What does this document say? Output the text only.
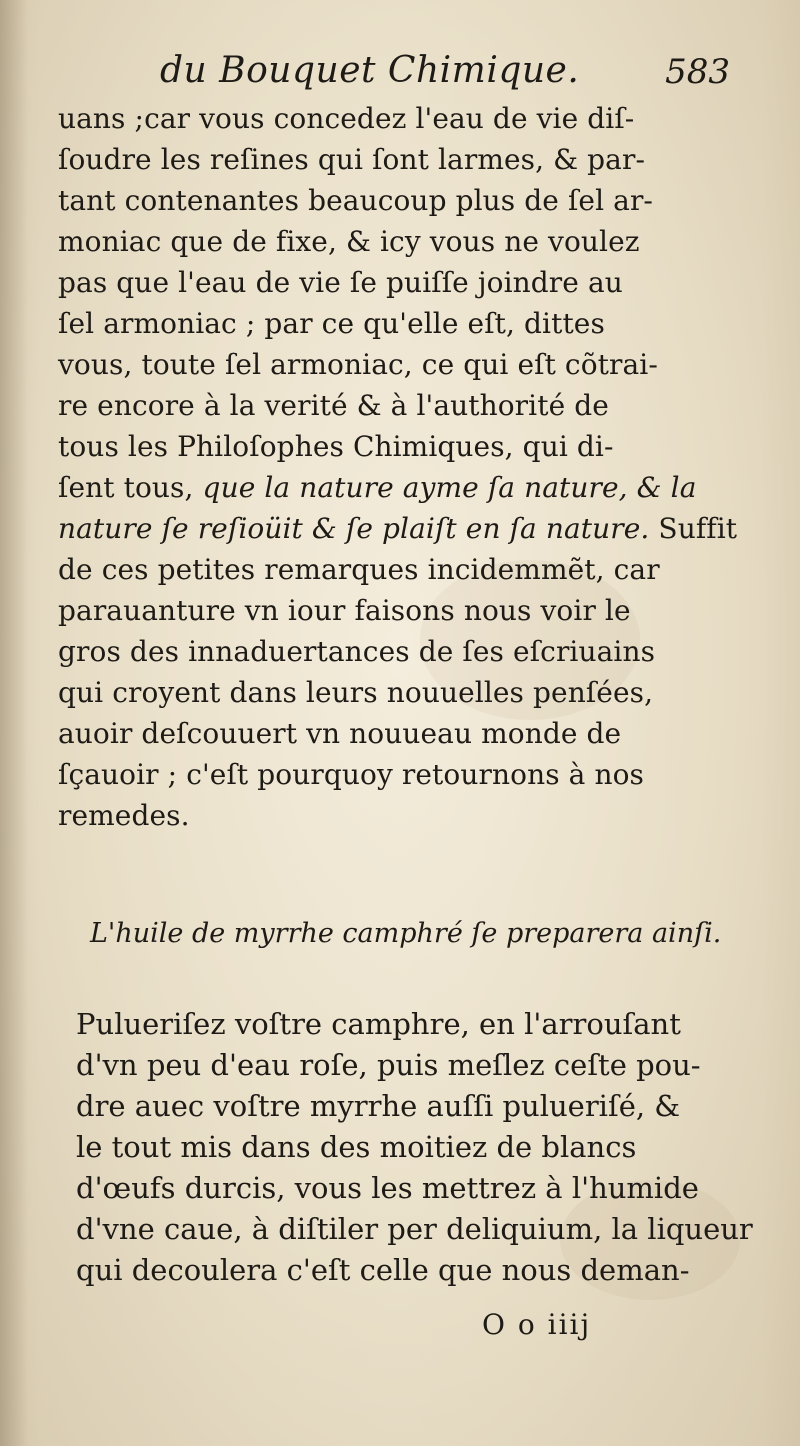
du Bouquet Chimique.	583
uans ;car vous concedez l'eau de vie diſ-
ſoudre les reſines qui ſont larmes, & par-
tant contenantes beaucoup plus de ſel ar-
moniac que de fixe, & icy vous ne voulez
pas que l'eau de vie ſe puiſſe joindre au
ſel armoniac ; par ce qu'elle eſt, dittes
vous, toute ſel armoniac, ce qui eſt cõtrai-
re encore à la verité & à l'authorité de
tous les Philoſophes Chimiques, qui di-
ſent tous, que la nature ayme ſa nature, & la
nature ſe reſioüit & ſe plaiſt en ſa nature. Suffit
de ces petites remarques incidemmẽt, car
parauanture vn iour faisons nous voir le
gros des innaduertances de ſes eſcriuains
qui croyent dans leurs nouuelles penſées,
auoir deſcouuert vn nouueau monde de
ſçauoir ; c'eſt pourquoy retournons à nos
remedes.
L'huile de myrrhe camphré ſe preparera ainſi.
Pulueriſez voſtre camphre, en l'arrouſant
d'vn peu d'eau roſe, puis meſlez ceſte pou-
dre auec voſtre myrrhe auſſi pulueriſé, &
le tout mis dans des moitiez de blancs
d'œufs durcis, vous les mettrez à l'humide
d'vne caue, à diſtiler per deliquium, la liqueur
qui decoulera c'eſt celle que nous deman-
O o iiij
